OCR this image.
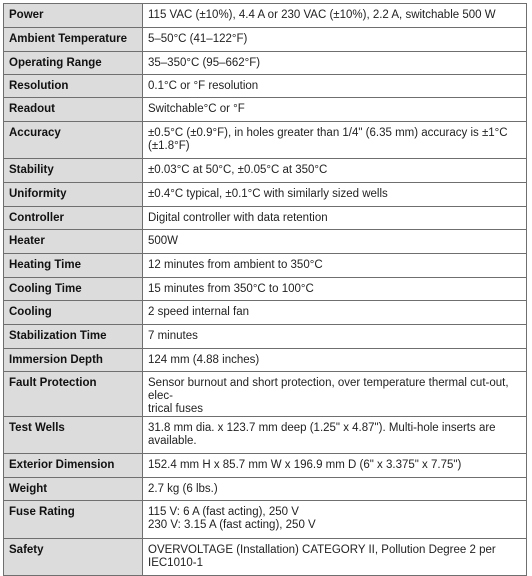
Power	115 VAC (±10%), 4.4 A or 230 VAC (±10%), 2.2 A, switchable 500 W
Ambient Temperature	5–50°C (41–122°F)
Operating Range	35–350°C (95–662°F)
Resolution	0.1°C or °F resolution
Readout	Switchable°C or °F
Accuracy	±0.5°C (±0.9°F), in holes greater than 1/4" (6.35 mm) accuracy is ±1°C
(±1.8°F)
Stability	±0.03°C at 50°C, ±0.05°C at 350°C
Uniformity	±0.4°C typical, ±0.1°C with similarly sized wells
Controller	Digital controller with data retention
Heater	500W
Heating Time	12 minutes from ambient to 350°C
Cooling Time	15 minutes from 350°C to 100°C
Cooling	2 speed internal fan
Stabilization Time	7 minutes
Immersion Depth	124 mm (4.88 inches)
Fault Protection	Sensor burnout and short protection, over temperature thermal cut-out, elec-
trical fuses
Test Wells	31.8 mm dia. x 123.7 mm deep (1.25" x 4.87"). Multi-hole inserts are
available.
Exterior Dimension	152.4 mm H x 85.7 mm W x 196.9 mm D (6" x 3.375" x 7.75")
Weight	2.7 kg (6 lbs.)
Fuse Rating	115 V: 6 A (fast acting), 250 V
230 V: 3.15 A (fast acting), 250 V
Safety	OVERVOLTAGE (Installation) CATEGORY II, Pollution Degree 2 per
IEC1010-1
